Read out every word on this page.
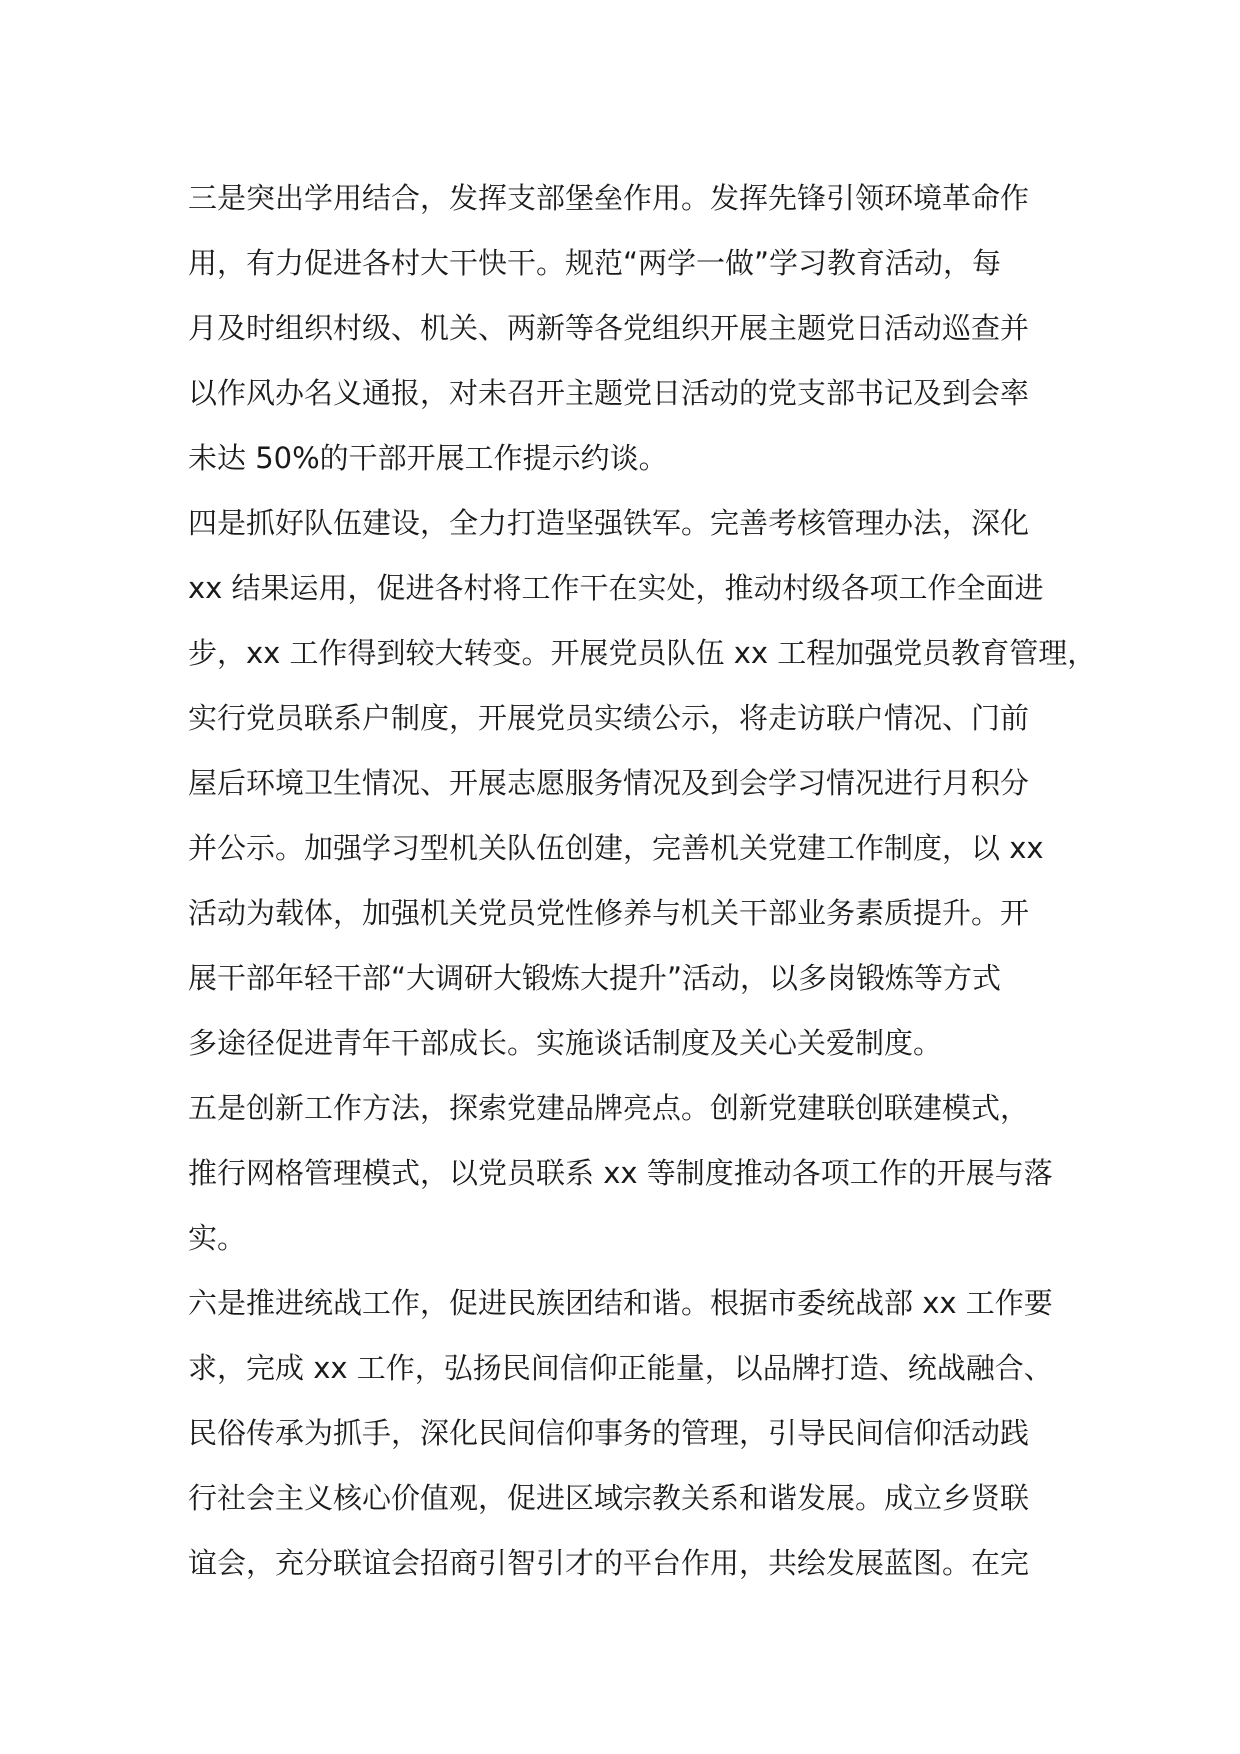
三是突出学用结合，发挥支部堡垒作用。发挥先锋引领环境革命作
用，有力促进各村大干快干。规范“两学一做”学习教育活动，每
月及时组织村级、机关、两新等各党组织开展主题党日活动巡查并
以作风办名义通报，对未召开主题党日活动的党支部书记及到会率
未达 50%的干部开展工作提示约谈。
四是抓好队伍建设，全力打造坚强铁军。完善考核管理办法，深化
xx 结果运用，促进各村将工作干在实处，推动村级各项工作全面进
步，xx 工作得到较大转变。开展党员队伍 xx 工程加强党员教育管理，
实行党员联系户制度，开展党员实绩公示，将走访联户情况、门前
屋后环境卫生情况、开展志愿服务情况及到会学习情况进行月积分
并公示。加强学习型机关队伍创建，完善机关党建工作制度，以 xx
活动为载体，加强机关党员党性修养与机关干部业务素质提升。开
展干部年轻干部“大调研大锻炼大提升”活动，以多岗锻炼等方式
多途径促进青年干部成长。实施谈话制度及关心关爱制度。
五是创新工作方法，探索党建品牌亮点。创新党建联创联建模式，
推行网格管理模式，以党员联系 xx 等制度推动各项工作的开展与落
实。
六是推进统战工作，促进民族团结和谐。根据市委统战部 xx 工作要
求，完成 xx 工作，弘扬民间信仰正能量，以品牌打造、统战融合、
民俗传承为抓手，深化民间信仰事务的管理，引导民间信仰活动践
行社会主义核心价值观，促进区域宗教关系和谐发展。成立乡贤联
谊会，充分联谊会招商引智引才的平台作用，共绘发展蓝图。在完
